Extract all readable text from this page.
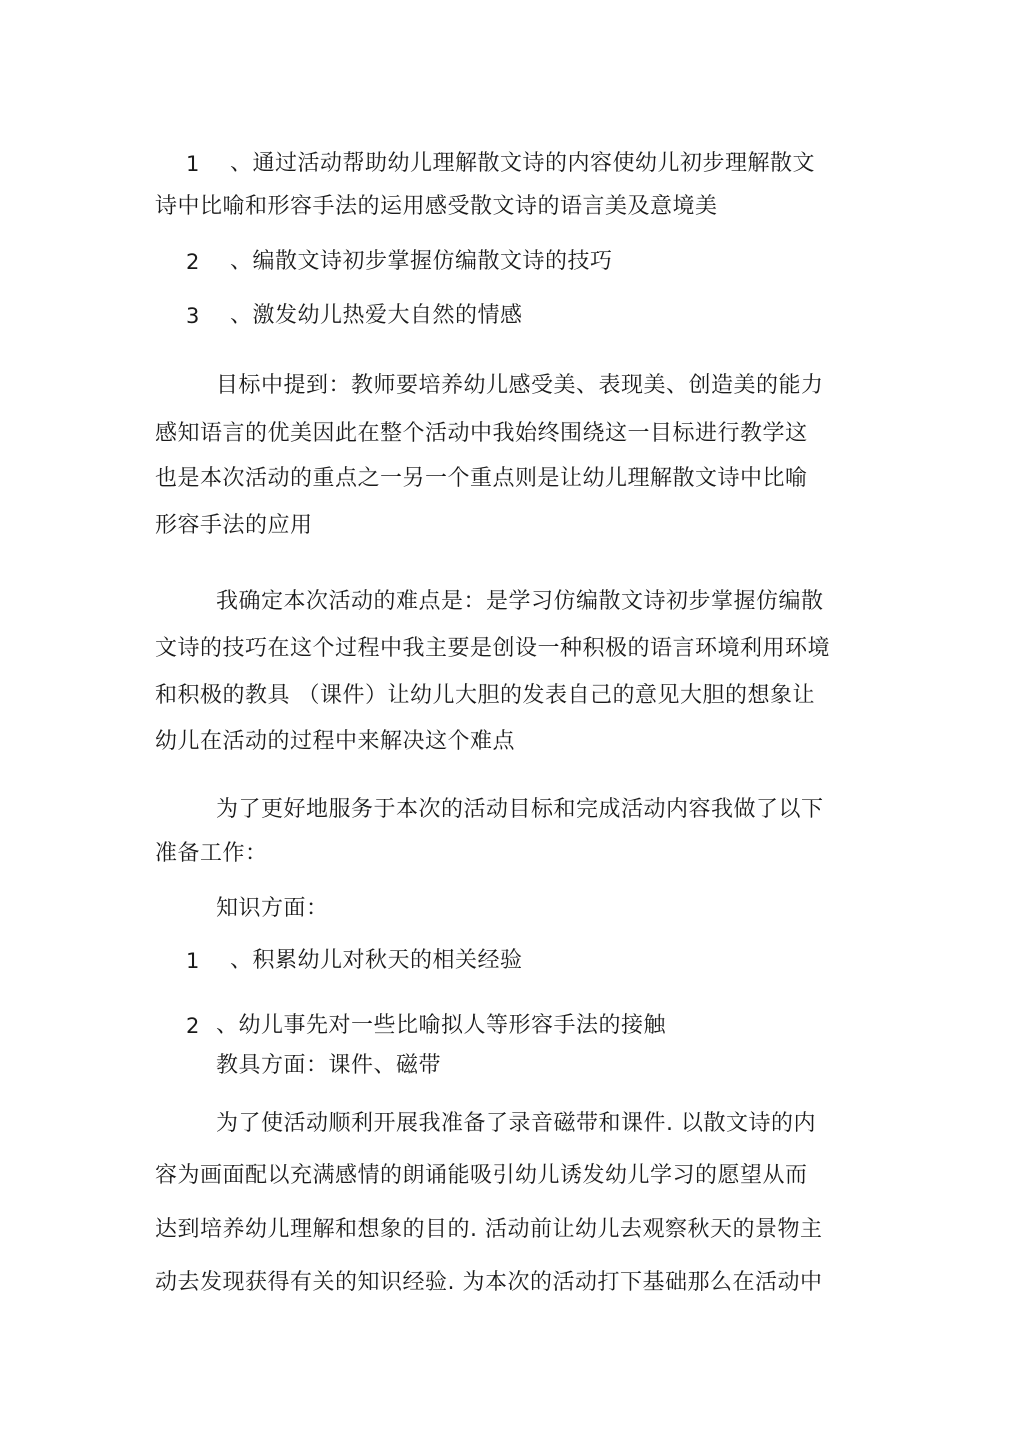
1 、通过活动帮助幼儿理解散文诗的内容使幼儿初步理解散文
诗中比喻和形容手法的运用感受散文诗的语言美及意境美
2 、编散文诗初步掌握仿编散文诗的技巧
3 、激发幼儿热爱大自然的情感
目标中提到：教师要培养幼儿感受美、表现美、创造美的能力
感知语言的优美因此在整个活动中我始终围绕这一目标进行教学这
也是本次活动的重点之一另一个重点则是让幼儿理解散文诗中比喻
形容手法的应用
我确定本次活动的难点是：是学习仿编散文诗初步掌握仿编散
文诗的技巧在这个过程中我主要是创设一种积极的语言环境利用环境
和积极的教具 （课件）让幼儿大胆的发表自己的意见大胆的想象让
幼儿在活动的过程中来解决这个难点
为了更好地服务于本次的活动目标和完成活动内容我做了以下
准备工作：
知识方面：
1 、积累幼儿对秋天的相关经验
2 、幼儿事先对一些比喻拟人等形容手法的接触
教具方面：课件、磁带
为了使活动顺利开展我准备了录音磁带和课件. 以散文诗的内
容为画面配以充满感情的朗诵能吸引幼儿诱发幼儿学习的愿望从而
达到培养幼儿理解和想象的目的. 活动前让幼儿去观察秋天的景物主
动去发现获得有关的知识经验. 为本次的活动打下基础那么在活动中
